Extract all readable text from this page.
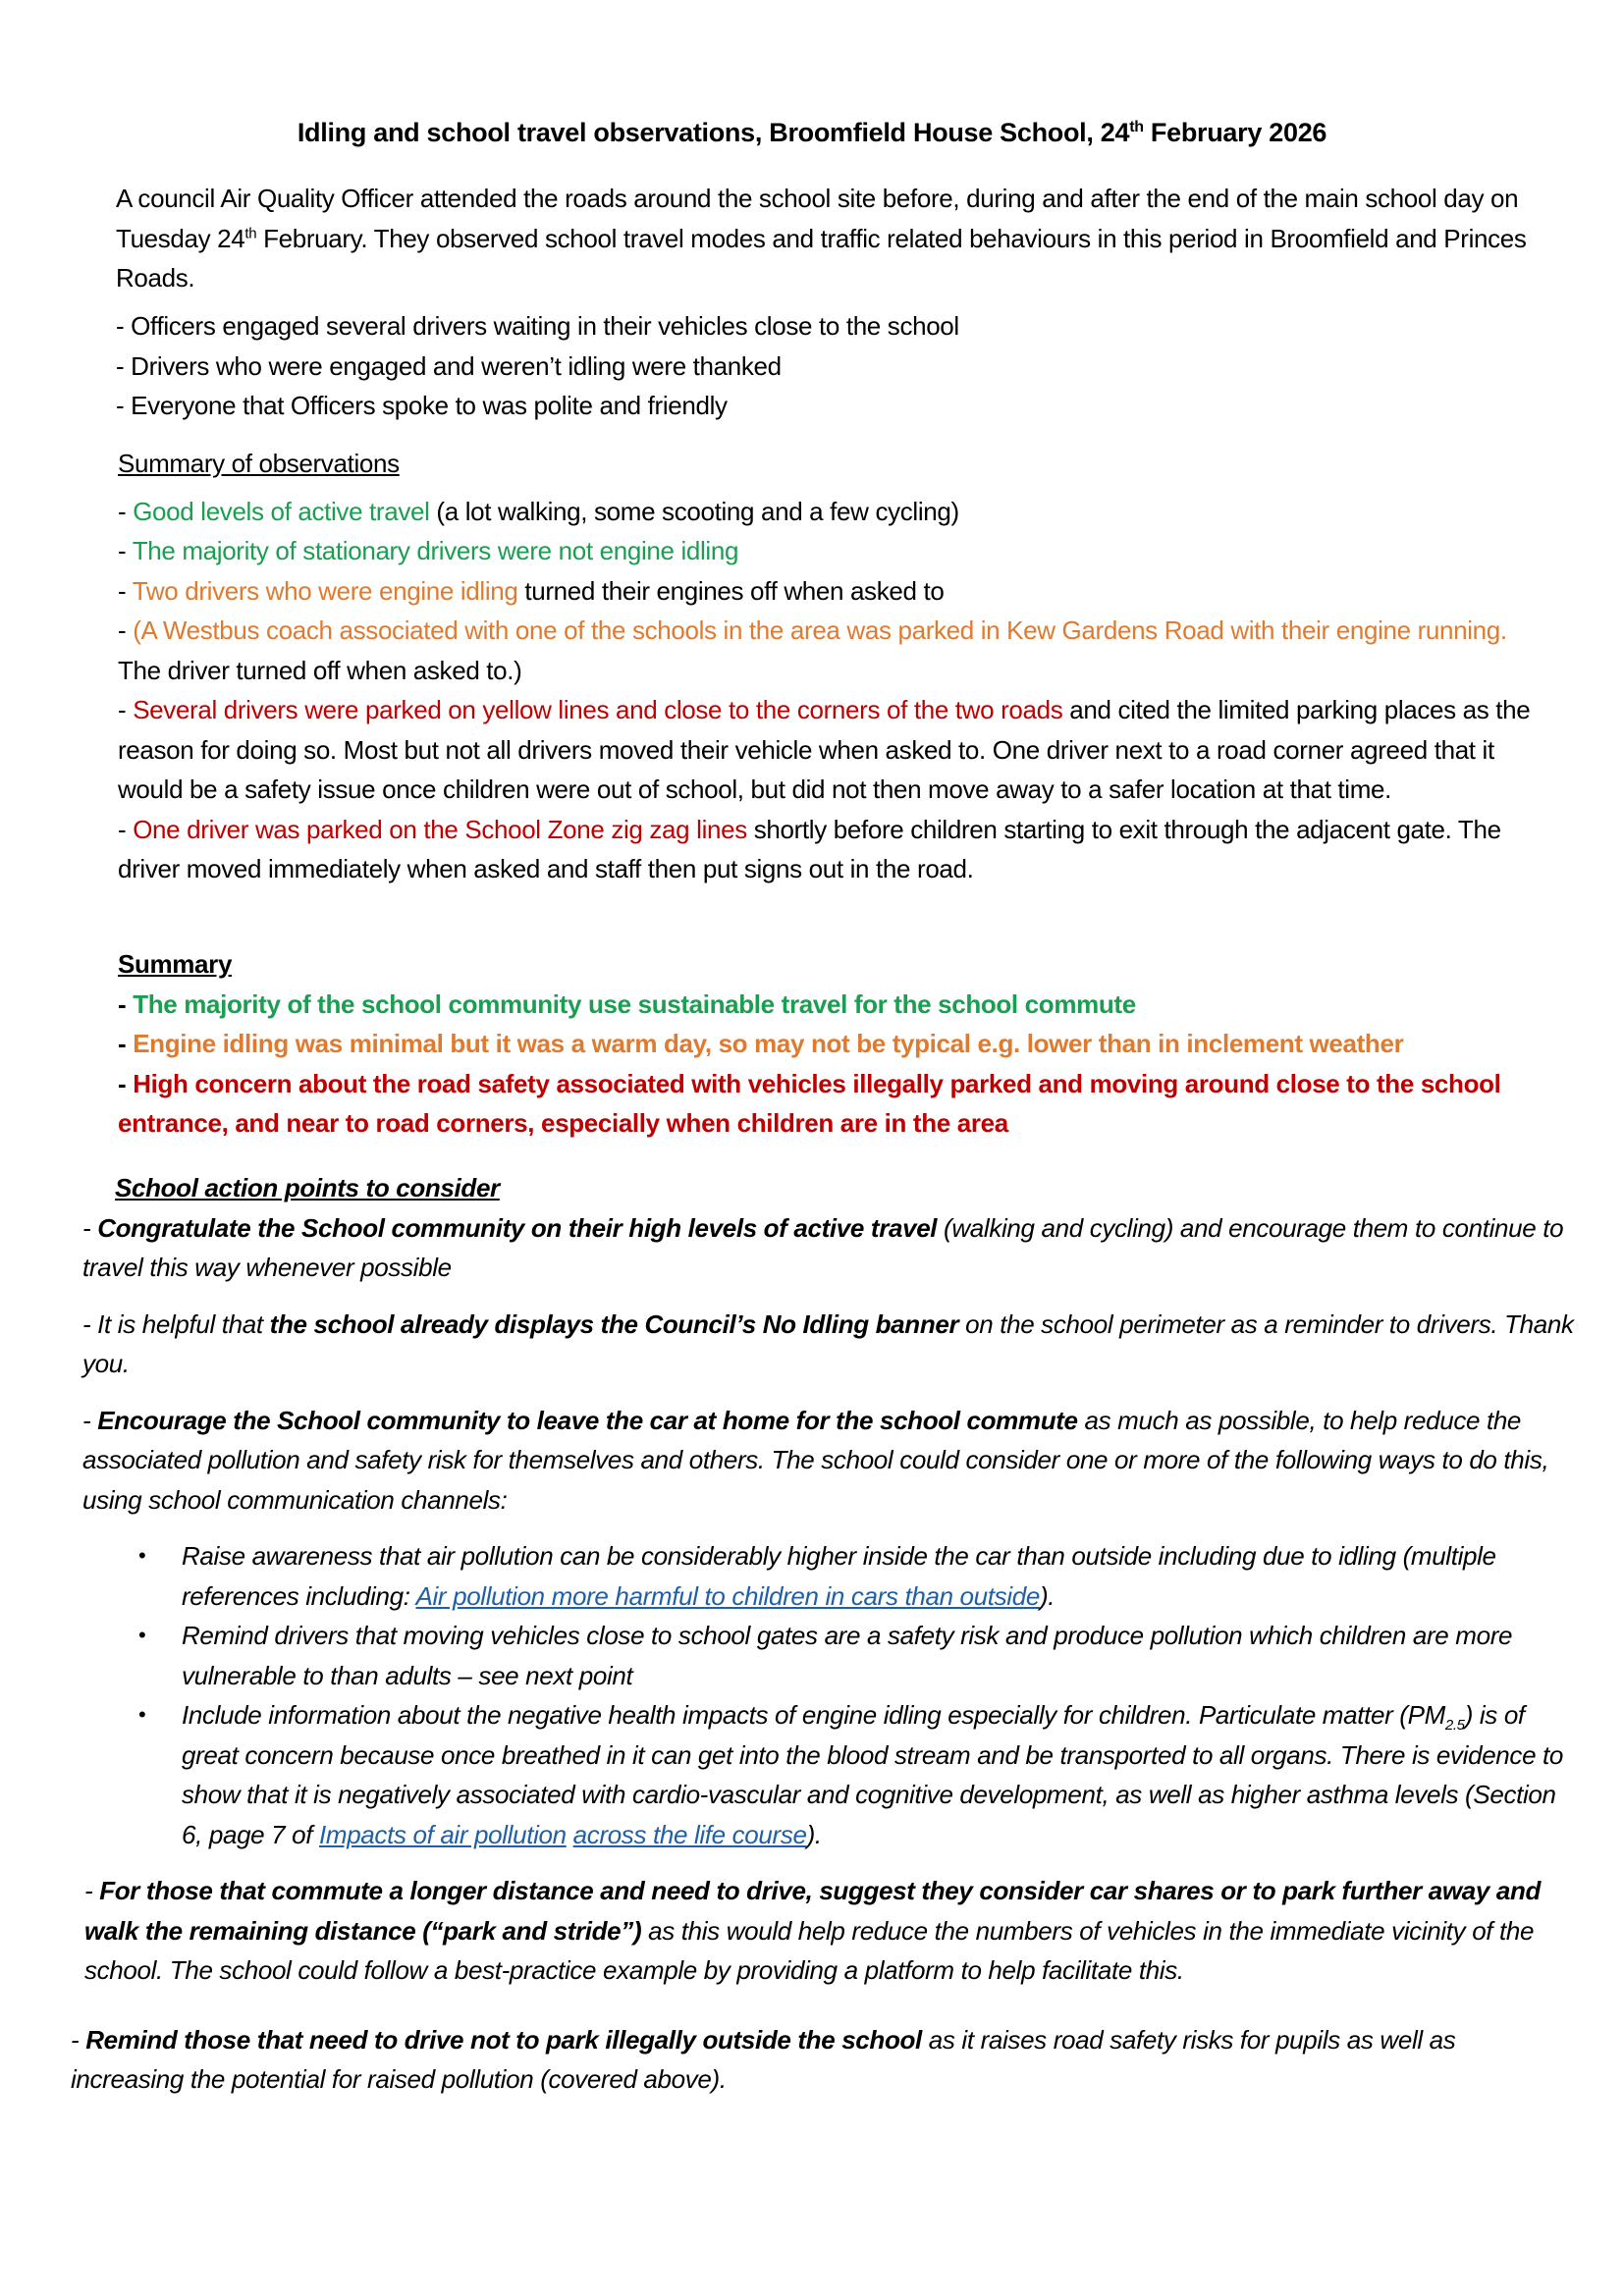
Idling and school travel observations, Broomfield House School, 24th February 2026
A council Air Quality Officer attended the roads around the school site before, during and after the end of the main school day on Tuesday 24th February. They observed school travel modes and traffic related behaviours in this period in Broomfield and Princes Roads.

- Officers engaged several drivers waiting in their vehicles close to the school

- Drivers who were engaged and weren’t idling were thanked

- Everyone that Officers spoke to was polite and friendly

Summary of observations

- Good levels of active travel (a lot walking, some scooting and a few cycling)

- The majority of stationary drivers were not engine idling

- Two drivers who were engine idling turned their engines off when asked to

- (A Westbus coach associated with one of the schools in the area was parked in Kew Gardens Road with their engine running. The driver turned off when asked to.)

- Several drivers were parked on yellow lines and close to the corners of the two roads and cited the limited parking places as the reason for doing so. Most but not all drivers moved their vehicle when asked to. One driver next to a road corner agreed that it would be a safety issue once children were out of school, but did not then move away to a safer location at that time.

- One driver was parked on the School Zone zig zag lines shortly before children starting to exit through the adjacent gate. The driver moved immediately when asked and staff then put signs out in the road.

Summary

- The majority of the school community use sustainable travel for the school commute

- Engine idling was minimal but it was a warm day, so may not be typical e.g. lower than in inclement weather

- High concern about the road safety associated with vehicles illegally parked and moving around close to the school entrance, and near to road corners, especially when children are in the area

School action points to consider

- Congratulate the School community on their high levels of active travel (walking and cycling) and encourage them to continue to travel this way whenever possible

- It is helpful that the school already displays the Council’s No Idling banner on the school perimeter as a reminder to drivers. Thank you.

- Encourage the School community to leave the car at home for the school commute as much as possible, to help reduce the associated pollution and safety risk for themselves and others. The school could consider one or more of the following ways to do this, using school communication channels:

• Raise awareness that air pollution can be considerably higher inside the car than outside including due to idling (multiple references including: Air pollution more harmful to children in cars than outside).
• Remind drivers that moving vehicles close to school gates are a safety risk and produce pollution which children are more vulnerable to than adults – see next point
• Include information about the negative health impacts of engine idling especially for children. Particulate matter $(PM_{2.5})$ is of great concern because once breathed in it can get into the blood stream and be transported to all organs. There is evidence to show that it is negatively associated with cardio-vascular and cognitive development, as well as higher asthma levels (Section 6, page 7 of Impacts of air pollution across the life course).

- For those that commute a longer distance and need to drive, suggest they consider car shares or to park further away and walk the remaining distance (“park and stride”) as this would help reduce the numbers of vehicles in the immediate vicinity of the school. The school could follow a best-practice example by providing a platform to help facilitate this.

- Remind those that need to drive not to park illegally outside the school as it raises road safety risks for pupils as well as increasing the potential for raised pollution (covered above).
